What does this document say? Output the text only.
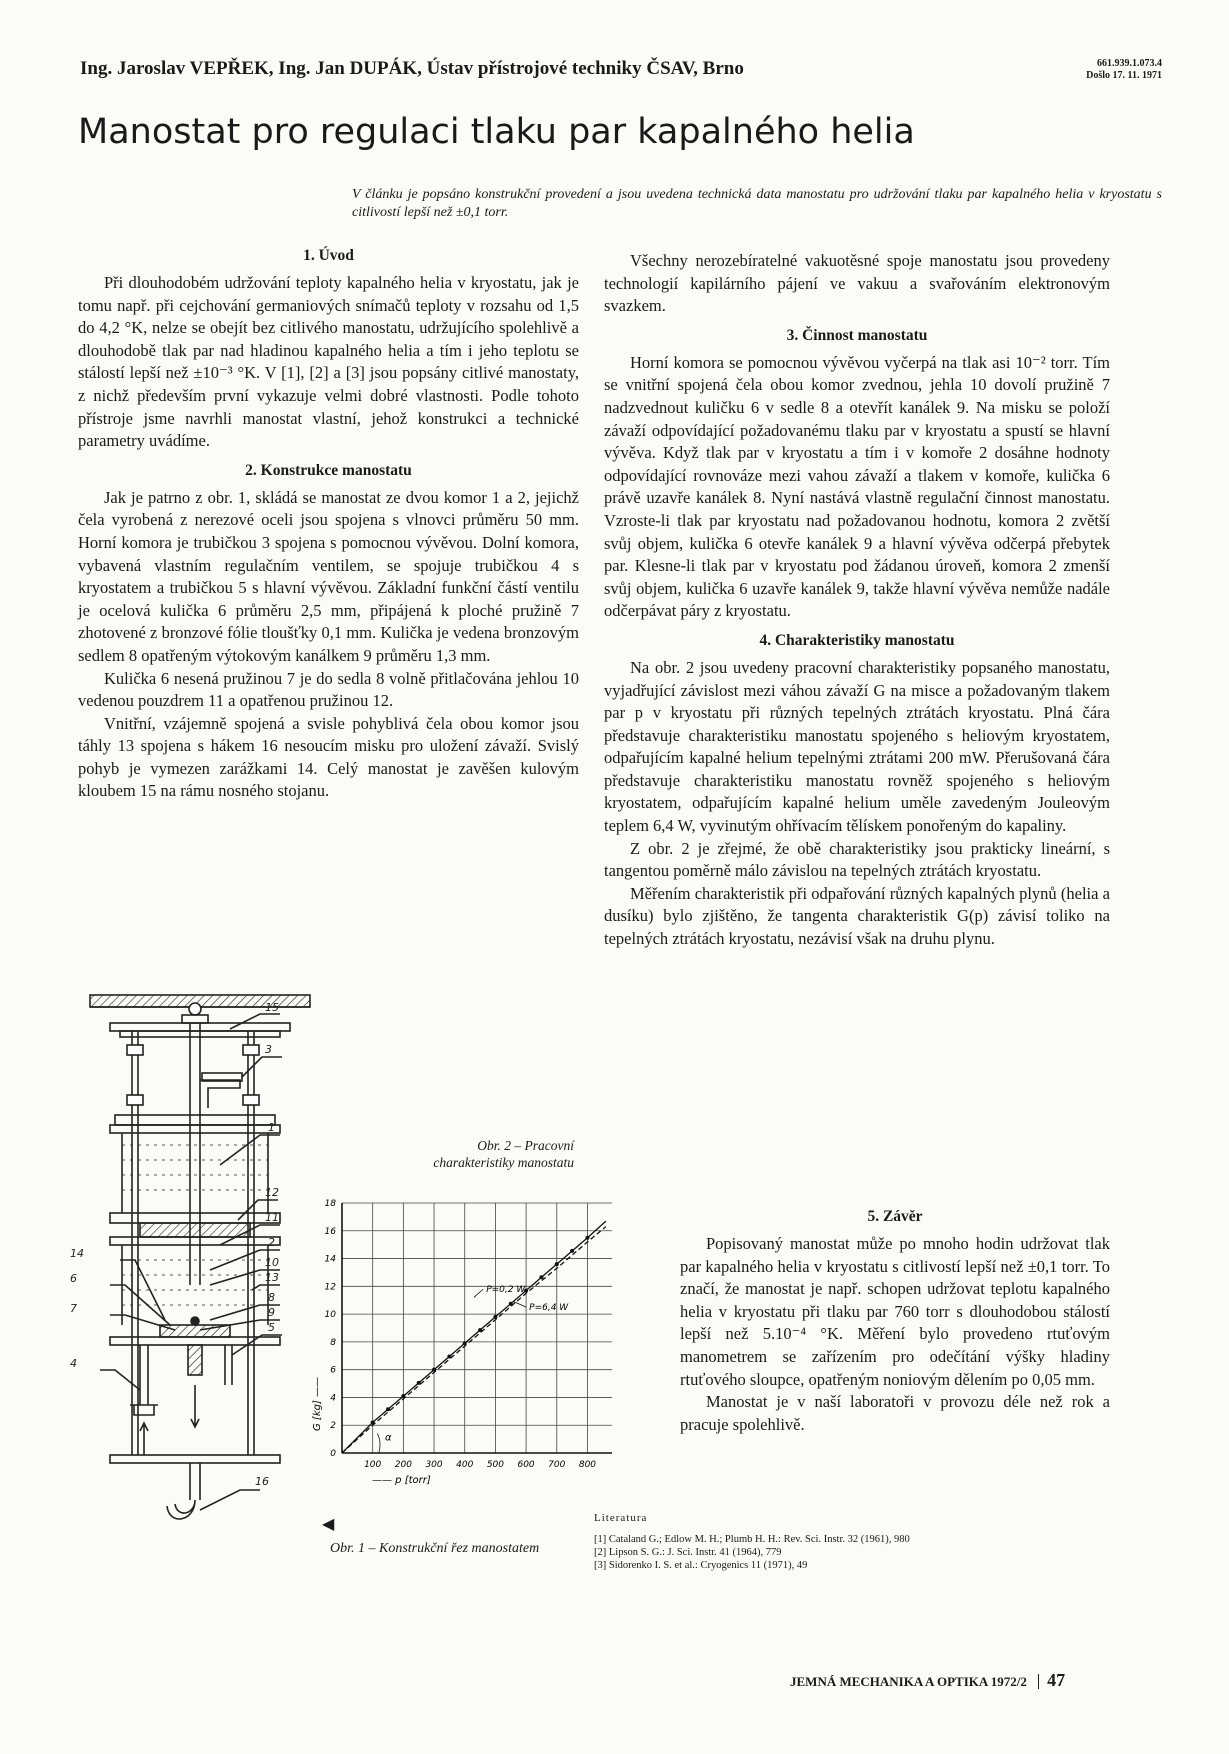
Ing. Jaroslav VEPŘEK, Ing. Jan DUPÁK, Ústav přístrojové techniky ČSAV, Brno	661.939.1.073.4
Došlo 17. 11. 1971
Manostat pro regulaci tlaku par kapalného helia
V článku je popsáno konstrukční provedení a jsou uvedena technická data manostatu pro udržování tlaku par kapalného helia v kryostatu s citlivostí lepší než ±0,1 torr.
1. Úvod

Při dlouhodobém udržování teploty kapalného helia v kryostatu, jak je tomu např. při cejchování germaniových snímačů teploty v rozsahu od 1,5 do 4,2 °K, nelze se obejít bez citlivého manostatu, udržujícího spolehlivě a dlouhodobě tlak par nad hladinou kapalného helia a tím i jeho teplotu se stálostí lepší než ±10⁻³ °K. V [1], [2] a [3] jsou popsány citlivé manostaty, z nichž především první vykazuje velmi dobré vlastnosti. Podle tohoto přístroje jsme navrhli manostat vlastní, jehož konstrukci a technické parametry uvádíme.

2. Konstrukce manostatu

Jak je patrno z obr. 1, skládá se manostat ze dvou komor 1 a 2, jejichž čela vyrobená z nerezové oceli jsou spojena s vlnovci průměru 50 mm. Horní komora je trubičkou 3 spojena s pomocnou vývěvou. Dolní komora, vybavená vlastním regulačním ventilem, se spojuje trubičkou 4 s kryostatem a trubičkou 5 s hlavní vývěvou. Základní funkční částí ventilu je ocelová kulička 6 průměru 2,5 mm, připájená k ploché pružině 7 zhotovené z bronzové fólie tloušťky 0,1 mm. Kulička je vedena bronzovým sedlem 8 opatřeným výtokovým kanálkem 9 průměru 1,3 mm.

Kulička 6 nesená pružinou 7 je do sedla 8 volně přitlačována jehlou 10 vedenou pouzdrem 11 a opatřenou pružinou 12.

Vnitřní, vzájemně spojená a svisle pohyblivá čela obou komor jsou táhly 13 spojena s hákem 16 nesoucím misku pro uložení závaží. Svislý pohyb je vymezen zarážkami 14. Celý manostat je zavěšen kulovým kloubem 15 na rámu nosného stojanu.

Všechny nerozebíratelné vakuotěsné spoje manostatu jsou provedeny technologií kapilárního pájení ve vakuu a svařováním elektronovým svazkem.

3. Činnost manostatu

Horní komora se pomocnou vývěvou vyčerpá na tlak asi 10⁻² torr. Tím se vnitřní spojená čela obou komor zvednou, jehla 10 dovolí pružině 7 nadzvednout kuličku 6 v sedle 8 a otevřít kanálek 9. Na misku se položí závaží odpovídající požadovanému tlaku par v kryostatu a spustí se hlavní vývěva. Když tlak par v kryostatu a tím i v komoře 2 dosáhne hodnoty odpovídající rovnováze mezi vahou závaží a tlakem v komoře, kulička 6 právě uzavře kanálek 8. Nyní nastává vlastně regulační činnost manostatu. Vzroste-li tlak par kryostatu nad požadovanou hodnotu, komora 2 zvětší svůj objem, kulička 6 otevře kanálek 9 a hlavní vývěva odčerpá přebytek par. Klesne-li tlak par v kryostatu pod žádanou úroveň, komora 2 zmenší svůj objem, kulička 6 uzavře kanálek 9, takže hlavní vývěva nemůže nadále odčerpávat páry z kryostatu.

4. Charakteristiky manostatu

Na obr. 2 jsou uvedeny pracovní charakteristiky popsaného manostatu, vyjadřující závislost mezi váhou závaží G na misce a požadovaným tlakem par p v kryostatu při různých tepelných ztrátách kryostatu. Plná čára představuje charakteristiku manostatu spojeného s heliovým kryostatem, odpařujícím kapalné helium tepelnými ztrátami 200 mW. Přerušovaná čára představuje charakteristiku manostatu rovněž spojeného s heliovým kryostatem, odpařujícím kapalné helium uměle zavedeným Jouleovým teplem 6,4 W, vyvinutým ohřívacím tělískem ponořeným do kapaliny.

Z obr. 2 je zřejmé, že obě charakteristiky jsou prakticky lineární, s tangentou poměrně málo závislou na tepelných ztrátách kryostatu.

Měřením charakteristik při odpařování různých kapalných plynů (helia a dusíku) bylo zjištěno, že tangenta charakteristik G(p) závisí toliko na tepelných ztrátách kryostatu, nezávisí však na druhu plynu.

5. Závěr

Popisovaný manostat může po mnoho hodin udržovat tlak par kapalného helia v kryostatu s citlivostí lepší než ±0,1 torr. To značí, že manostat je např. schopen udržovat teplotu kapalného helia v kryostatu při tlaku par 760 torr s dlouhodobou stálostí lepší než 5.10⁻⁴ °K. Měření bylo provedeno rtuťovým manometrem se zařízením pro odečítání výšky hladiny rtuťového sloupce, opatřeným noniovým dělením po 0,05 mm.

Manostat je v naší laboratoři v provozu déle než rok a pracuje spolehlivě.

15
3
1
12
11
2
10
13
8
9
5
14
6
7
4
16
◀
Obr. 1 – Konstrukční řez manostatem
Obr. 2 – Pracovní charakteristiky manostatu
100 200 300 400 500 600 700 800
0
2
4
6
8
10
12
14
16
18
—— p [torr]
G [kg] ——
P=0,2 W
P=6,4 W
α
Literatura
[1] Cataland G.; Edlow M. H.; Plumb H. H.: Rev. Sci. Instr. 32 (1961), 980
[2] Lipson S. G.: J. Sci. Instr. 41 (1964), 779
[3] Sidorenko I. S. et al.: Cryogenics 11 (1971), 49
JEMNÁ MECHANIKA A OPTIKA 1972/2 47
